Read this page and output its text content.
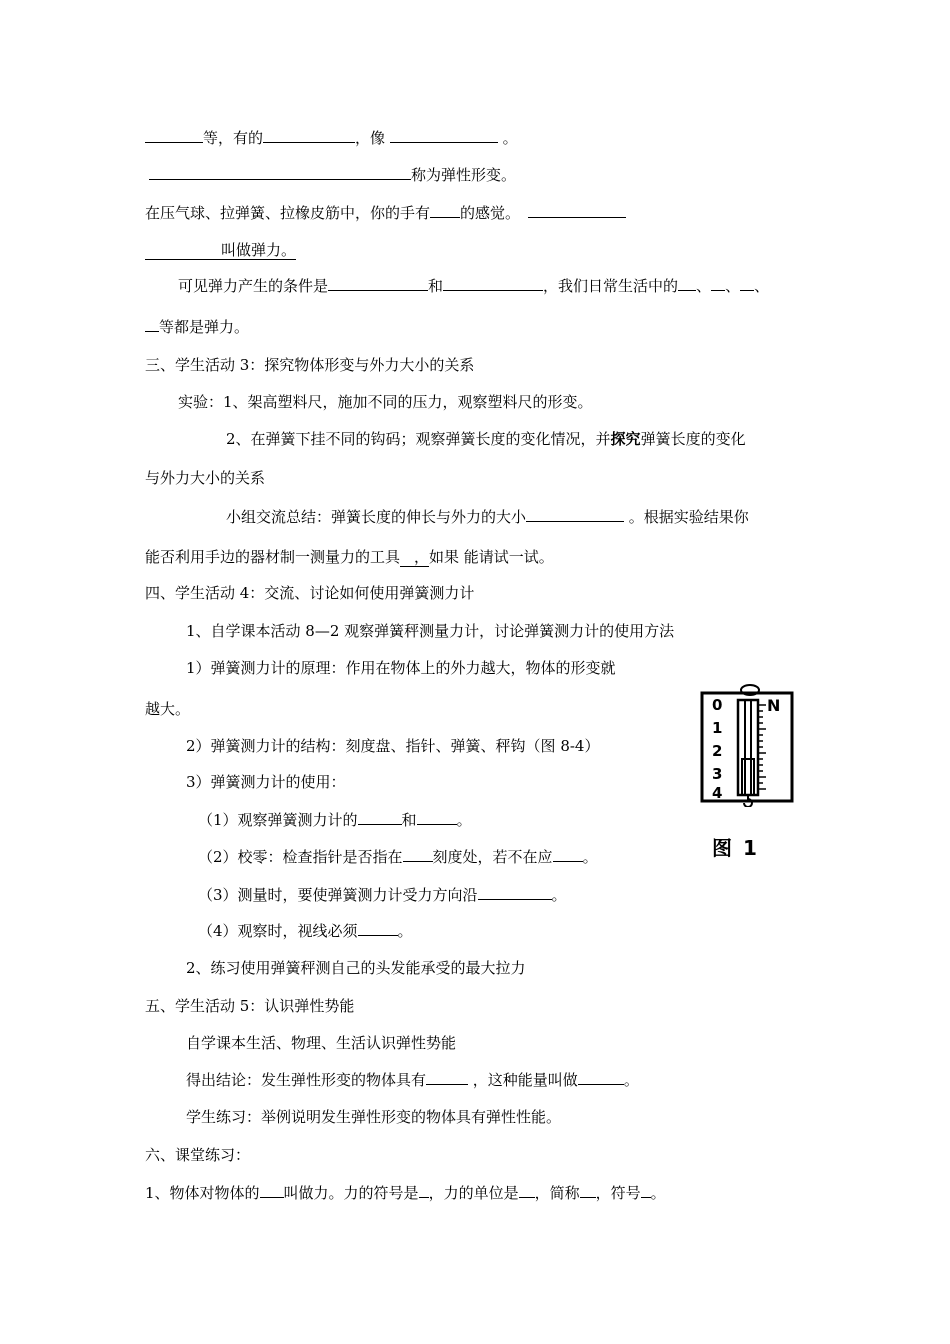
等，有的	，像	。
称为弹性形变。
在压气球、拉弹簧、拉橡皮筋中，你的手有 的感觉。
叫做弹力。
可见弹力产生的条件是	和	，我们日常生活中的 、 、 、
等都是弹力。
三、学生活动 3：探究物体形变与外力大小的关系
实验：1、架高塑料尺，施加不同的压力，观察塑料尺的形变。
2、在弹簧下挂不同的钩码；观察弹簧长度的变化情况，并探究弹簧长度的变化
与外力大小的关系
小组交流总结：弹簧长度的伸长与外力的大小	。根据实验结果你
能否利用手边的器材制一测量力的工具 ，如果 能请试一试。
四、学生活动 4：交流、讨论如何使用弹簧测力计
1、自学课本活动 8—2 观察弹簧秤测量力计，讨论弹簧测力计的使用方法
1）弹簧测力计的原理：作用在物体上的外力越大，物体的形变就
越大。
2）弹簧测力计的结构：刻度盘、指针、弹簧、秤钩（图 8-4）
3）弹簧测力计的使用：
（1）观察弹簧测力计的	和	。
（2）校零：检查指针是否指在 刻度处，若不在应 。
（3）测量时，要使弹簧测力计受力方向沿	。
（4）观察时，视线必须	。
2、练习使用弹簧秤测自己的头发能承受的最大拉力
五、学生活动 5：认识弹性势能
自学课本生活、物理、生活认识弹性势能
得出结论：发生弹性形变的物体具有	，这种能量叫做	。
学生练习：举例说明发生弹性形变的物体具有弹性性能。
六、课堂练习：
1、物体对物体的 叫做力。力的符号是 ，力的单位是 ，简称 ，符号 。
0
1
2
3
4
N
图 1
